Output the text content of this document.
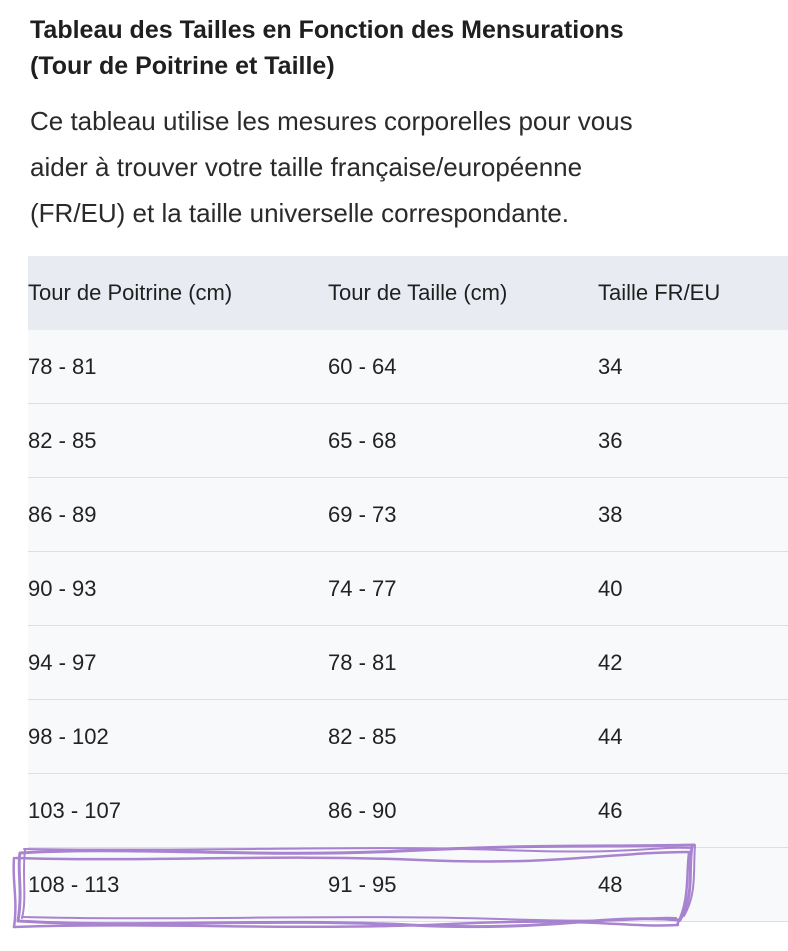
Tableau des Tailles en Fonction des Mensurations (Tour de Poitrine et Taille)

Ce tableau utilise les mesures corporelles pour vous aider à trouver votre taille française/européenne (FR/EU) et la taille universelle correspondante.

Tour de Poitrine (cm)	Tour de Taille (cm)	Taille FR/EU
78 - 81	60 - 64	34
82 - 85	65 - 68	36
86 - 89	69 - 73	38
90 - 93	74 - 77	40
94 - 97	78 - 81	42
98 - 102	82 - 85	44
103 - 107	86 - 90	46
108 - 113	91 - 95	48
